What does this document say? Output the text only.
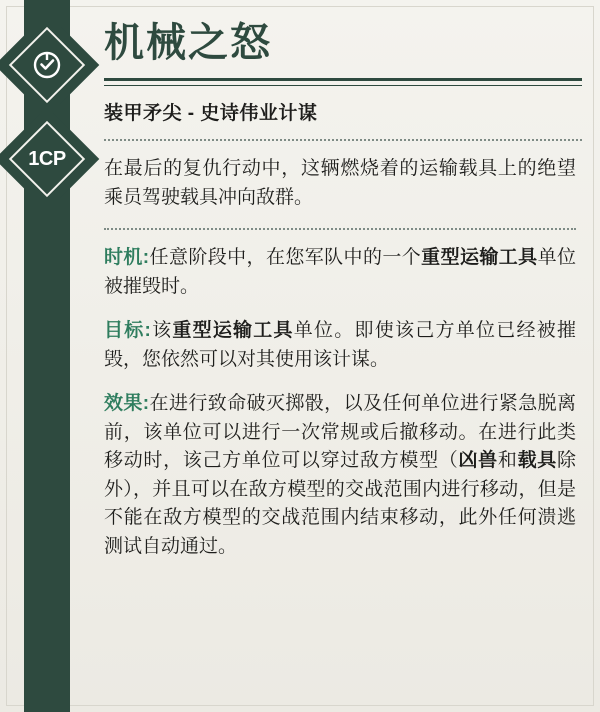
1CP
机械之怒
装甲矛尖 - 史诗伟业计谋

在最后的复仇行动中，这辆燃烧着的运输载具上的绝望乘员驾驶载具冲向敌群。

时机:任意阶段中，在您军队中的一个重型运输工具单位被摧毁时。

目标:该重型运输工具单位。即使该己方单位已经被摧毁，您依然可以对其使用该计谋。

效果:在进行致命破灭掷骰，以及任何单位进行紧急脱离前，该单位可以进行一次常规或后撤移动。在进行此类移动时，该己方单位可以穿过敌方模型（凶兽和载具除外），并且可以在敌方模型的交战范围内进行移动，但是不能在敌方模型的交战范围内结束移动，此外任何溃逃测试自动通过。
